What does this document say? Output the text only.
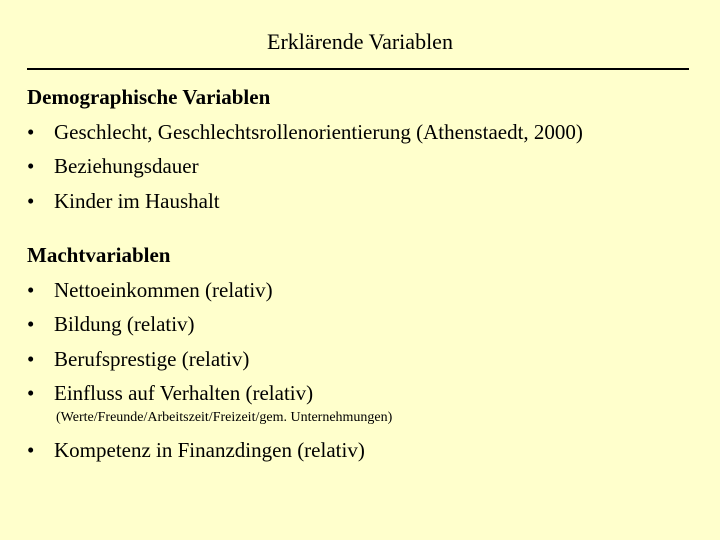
Erklärende Variablen
Demographische Variablen
• Geschlecht, Geschlechtsrollenorientierung (Athenstaedt, 2000)
• Beziehungsdauer
• Kinder im Haushalt
Machtvariablen
• Nettoeinkommen (relativ)
• Bildung (relativ)
• Berufsprestige (relativ)
• Einfluss auf Verhalten (relativ)
(Werte/Freunde/Arbeitszeit/Freizeit/gem. Unternehmungen)
• Kompetenz in Finanzdingen (relativ)
